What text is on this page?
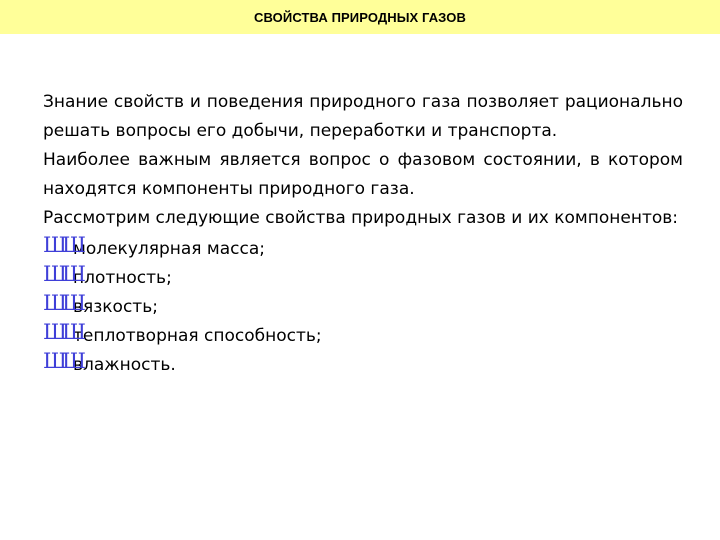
СВОЙСТВА ПРИРОДНЫХ ГАЗОВ

Знание свойств и поведения природного газа позволяет рационально решать вопросы его добычи, переработки и транспорта.

Наиболее важным является вопрос о фазовом состоянии, в котором находятся компоненты природного газа.

Рассмотрим следующие свойства природных газов и их компонентов:

ШШ
молекулярная масса;
ШШ
плотность;
ШШ
вязкость;
ШШ
теплотворная способность;
ШШ
влажность.
